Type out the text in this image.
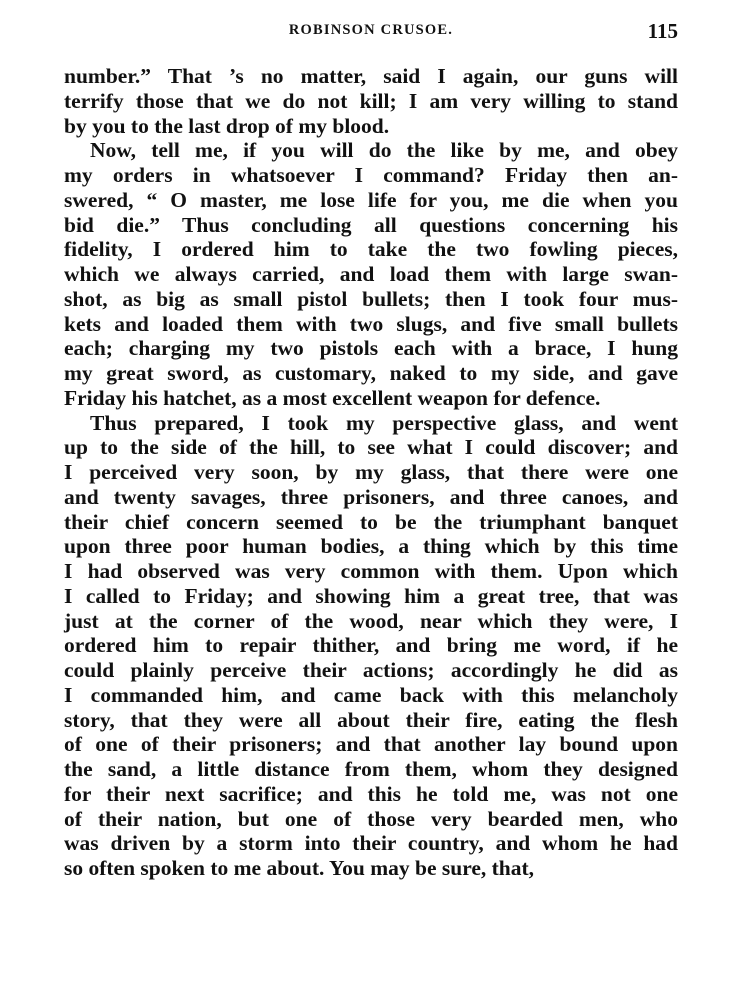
ROBINSON CRUSOE.	115
number.” That ’s no matter, said I again, our guns will
terrify those that we do not kill; I am very willing to stand
by you to the last drop of my blood.
Now, tell me, if you will do the like by me, and obey
my orders in whatsoever I command? Friday then an-
swered, “ O master, me lose life for you, me die when you
bid die.” Thus concluding all questions concerning his
fidelity, I ordered him to take the two fowling pieces,
which we always carried, and load them with large swan-
shot, as big as small pistol bullets; then I took four mus-
kets and loaded them with two slugs, and five small bullets
each; charging my two pistols each with a brace, I hung
my great sword, as customary, naked to my side, and gave
Friday his hatchet, as a most excellent weapon for defence.
Thus prepared, I took my perspective glass, and went
up to the side of the hill, to see what I could discover; and
I perceived very soon, by my glass, that there were one
and twenty savages, three prisoners, and three canoes, and
their chief concern seemed to be the triumphant banquet
upon three poor human bodies, a thing which by this time
I had observed was very common with them. Upon which
I called to Friday; and showing him a great tree, that was
just at the corner of the wood, near which they were, I
ordered him to repair thither, and bring me word, if he
could plainly perceive their actions; accordingly he did as
I commanded him, and came back with this melancholy
story, that they were all about their fire, eating the flesh
of one of their prisoners; and that another lay bound upon
the sand, a little distance from them, whom they designed
for their next sacrifice; and this he told me, was not one
of their nation, but one of those very bearded men, who
was driven by a storm into their country, and whom he had
so often spoken to me about. You may be sure, that,
